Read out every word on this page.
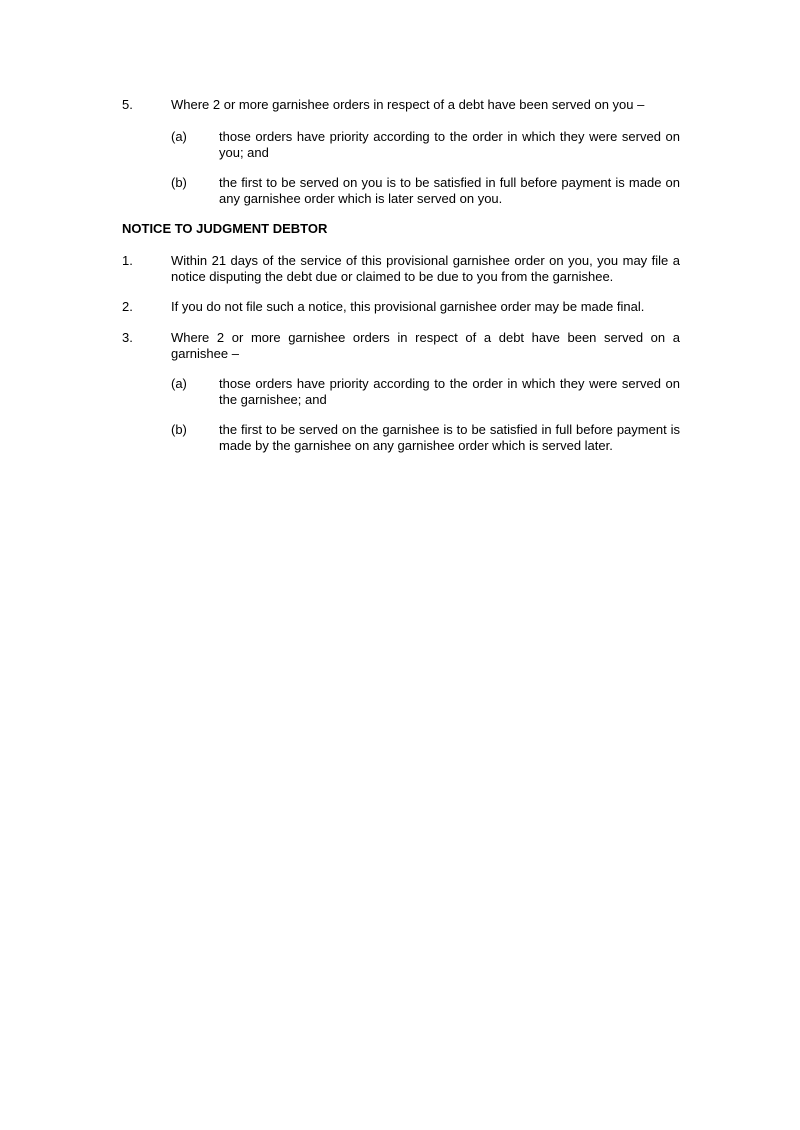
5.	Where 2 or more garnishee orders in respect of a debt have been served on you –
(a)	those orders have priority according to the order in which they were served on you; and
(b)	the first to be served on you is to be satisfied in full before payment is made on any garnishee order which is later served on you.
NOTICE TO JUDGMENT DEBTOR
1.	Within 21 days of the service of this provisional garnishee order on you, you may file a notice disputing the debt due or claimed to be due to you from the garnishee.
2.	If you do not file such a notice, this provisional garnishee order may be made final.
3.	Where 2 or more garnishee orders in respect of a debt have been served on a garnishee –
(a)	those orders have priority according to the order in which they were served on the garnishee; and
(b)	the first to be served on the garnishee is to be satisfied in full before payment is made by the garnishee on any garnishee order which is served later.
